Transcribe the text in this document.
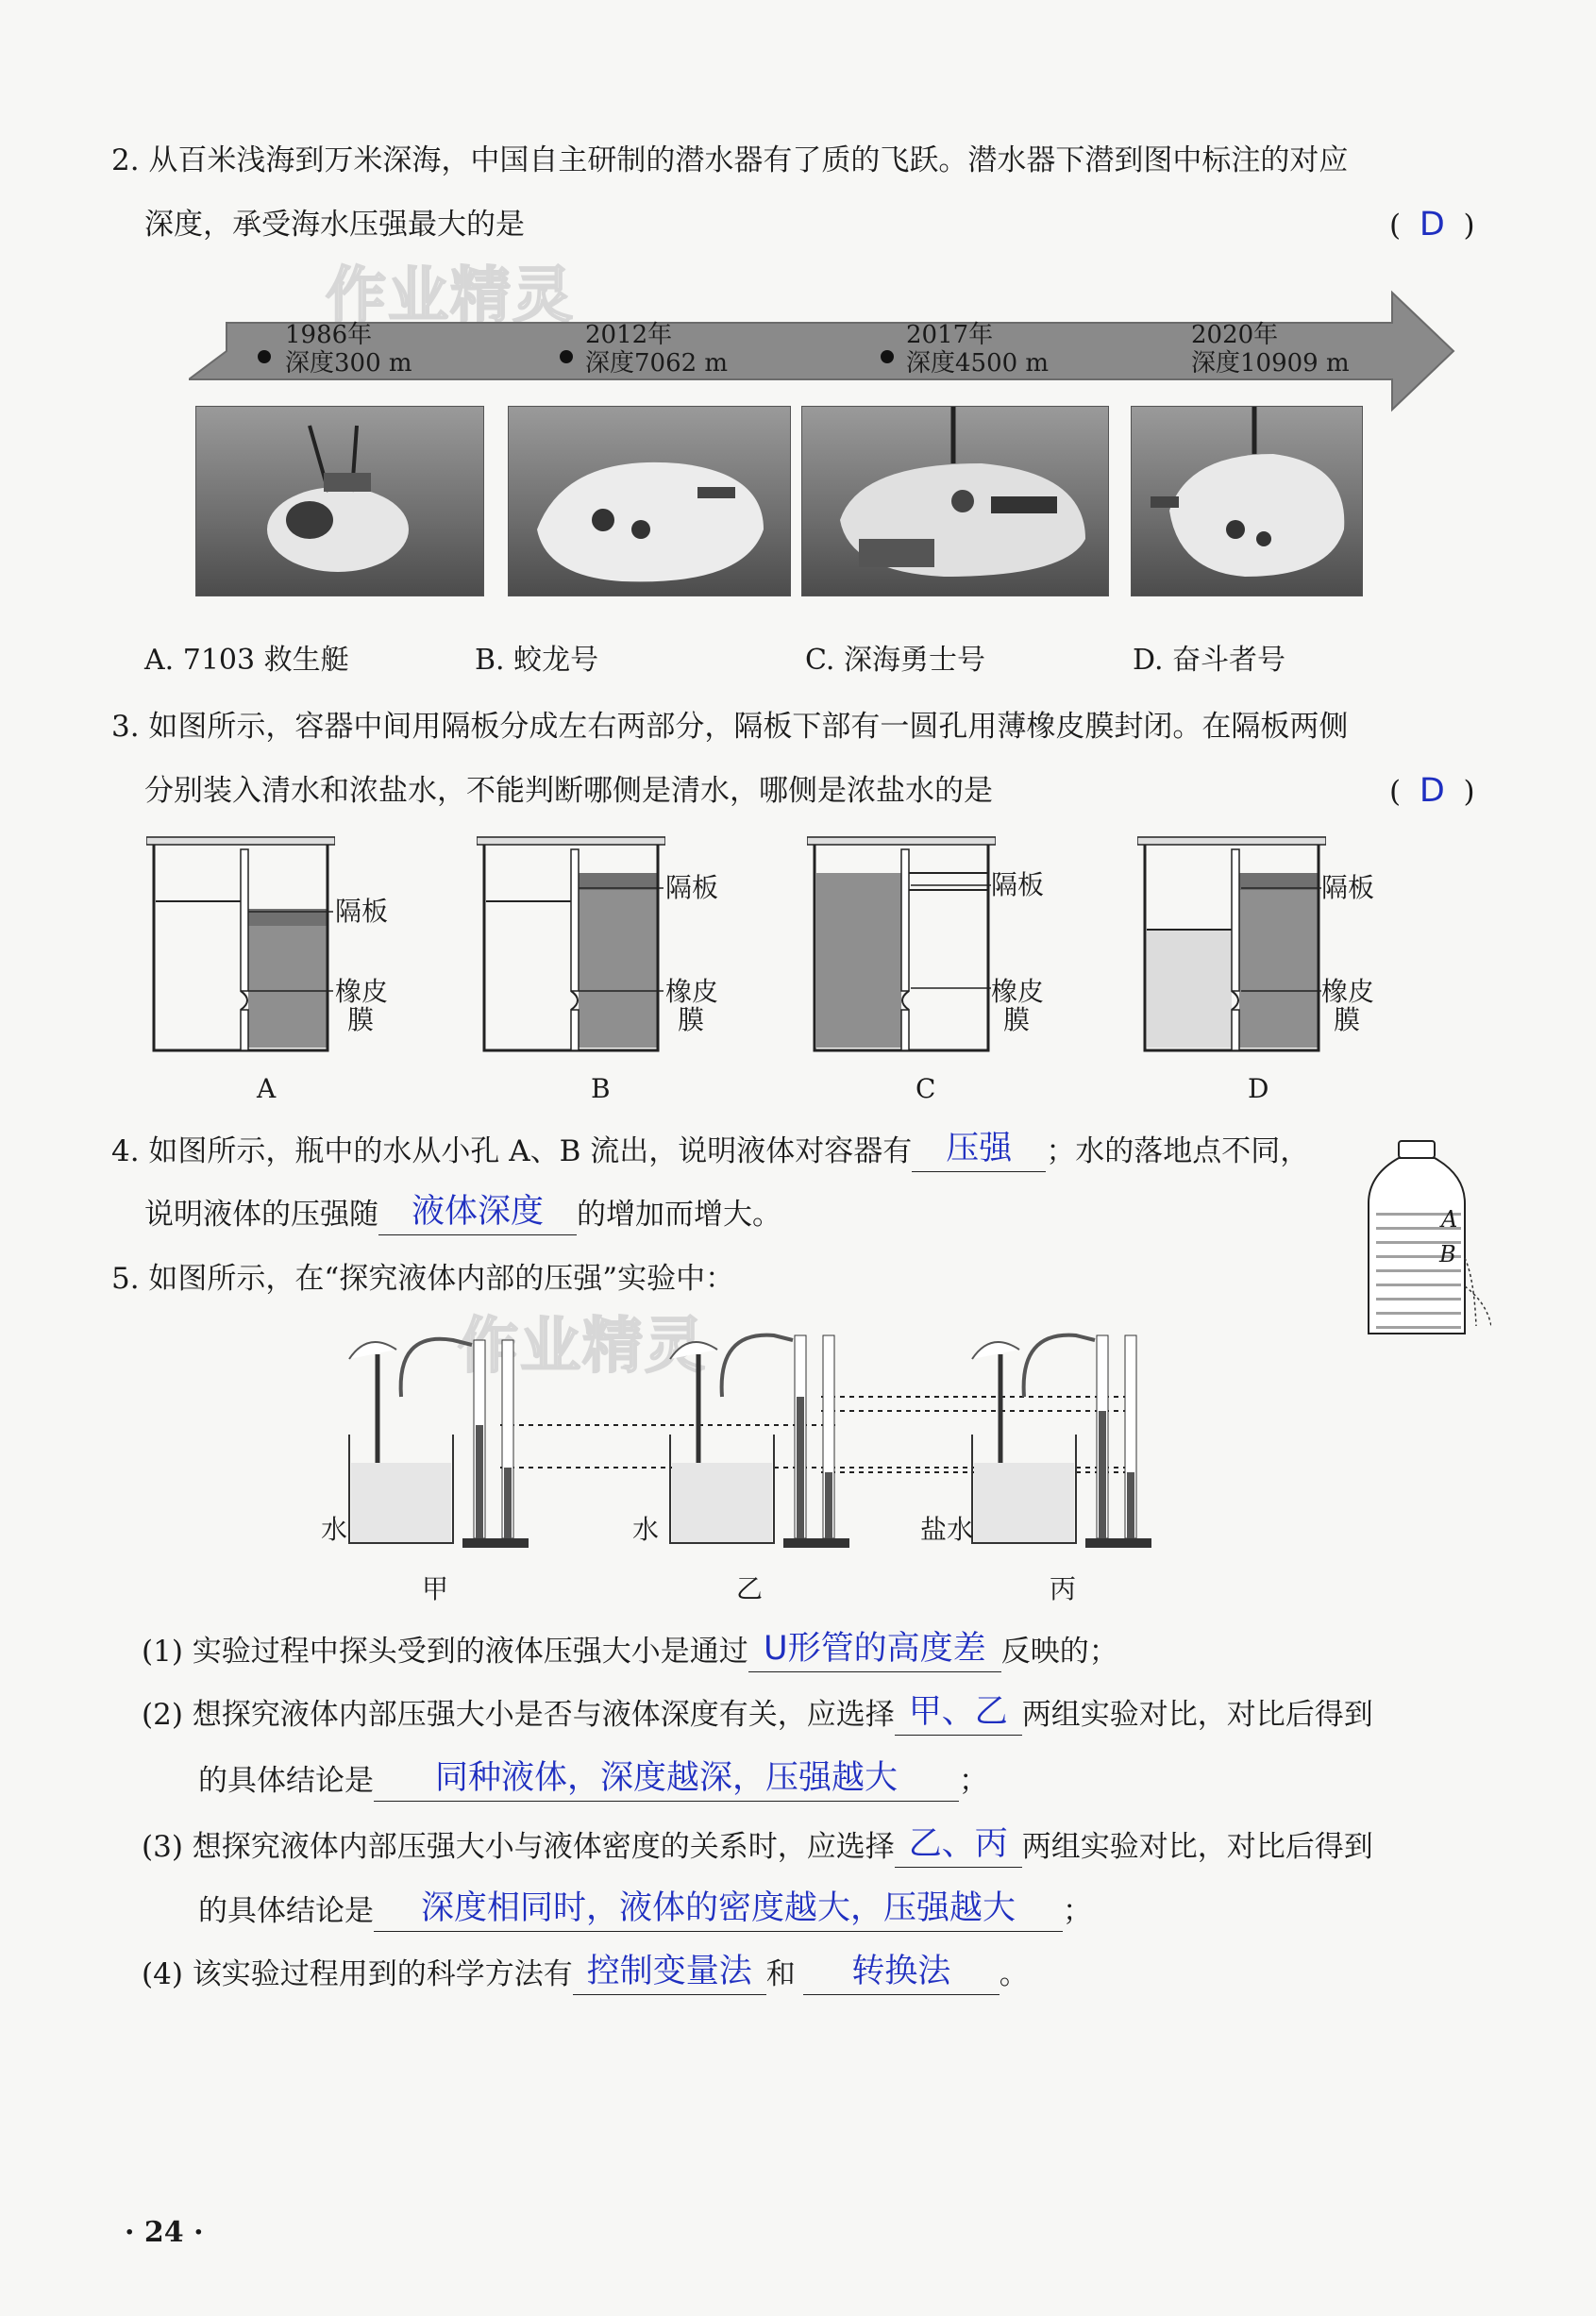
2. 从百米浅海到万米深海，中国自主研制的潜水器有了质的飞跃。潜水器下潜到图中标注的对应
深度，承受海水压强最大的是	(  D  )
作业精灵
1986年
深度300 m
2012年
深度7062 m
2017年
深度4500 m
2020年
深度10909 m
A. 7103 救生艇	B. 蛟龙号	C. 深海勇士号	D. 奋斗者号
3. 如图所示，容器中间用隔板分成左右两部分，隔板下部有一圆孔用薄橡皮膜封闭。在隔板两侧
分别装入清水和浓盐水，不能判断哪侧是清水，哪侧是浓盐水的是	(  D  )
隔板
橡皮
膜
A
隔板
橡皮
膜
B
隔板
橡皮
膜
C
隔板
橡皮
膜
D
4. 如图所示，瓶中的水从小孔 A、B 流出，说明液体对容器有	压强	；水的落地点不同，
说明液体的压强随 液体深度	的增加而增大。	A
B
5. 如图所示，在“探究液体内部的压强”实验中：
作业精灵
水	水	盐水
甲	乙	丙
(1) 实验过程中探头受到的液体压强大小是通过 U形管的高度差 反映的；
(2) 想探究液体内部压强大小是否与液体深度有关，应选择 甲、乙 两组实验对比，对比后得到
的具体结论是	同种液体，深度越深，压强越大	；
(3) 想探究液体内部压强大小与液体密度的关系时，应选择 乙、丙 两组实验对比，对比后得到
的具体结论是	深度相同时，液体的密度越大，压强越大	；
(4) 该实验过程用到的科学方法有 控制变量法 和	转换法	。
· 24 ·
